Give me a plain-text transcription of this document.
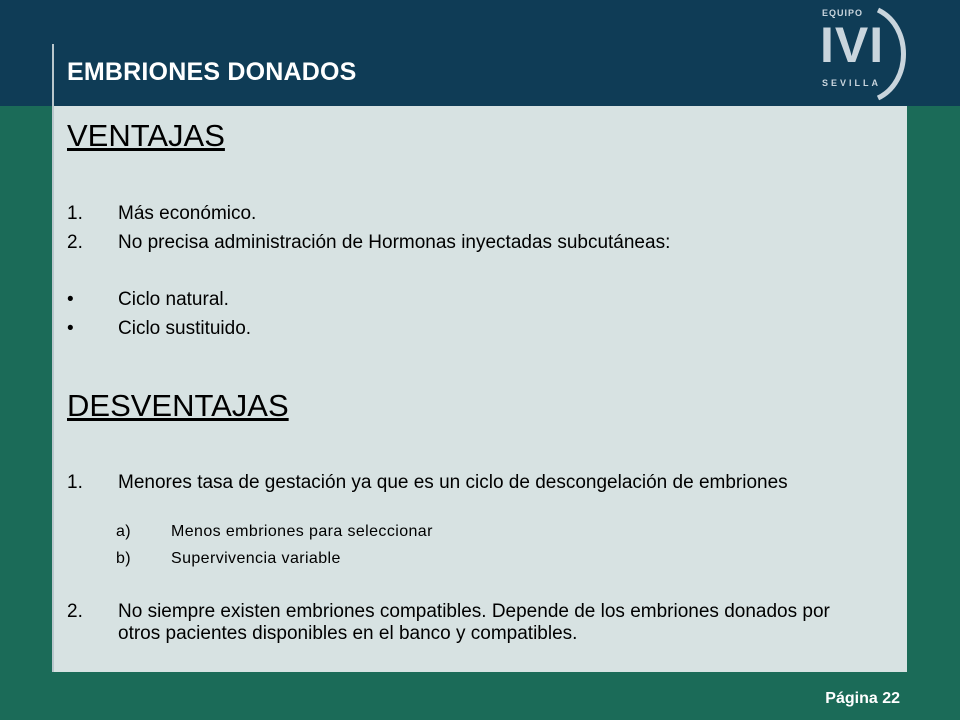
EMBRIONES DONADOS
EQUIPO
IVI
SEVILLA
VENTAJAS
1. Más económico.
2. No precisa administración de Hormonas inyectadas subcutáneas:
• Ciclo natural.
• Ciclo sustituido.
DESVENTAJAS
1. Menores tasa de gestación ya que es un ciclo de descongelación de embriones
a) Menos embriones para seleccionar
b) Supervivencia variable
2. No siempre existen embriones compatibles. Depende de los embriones donados por otros pacientes disponibles en el banco y compatibles.
Página 22
